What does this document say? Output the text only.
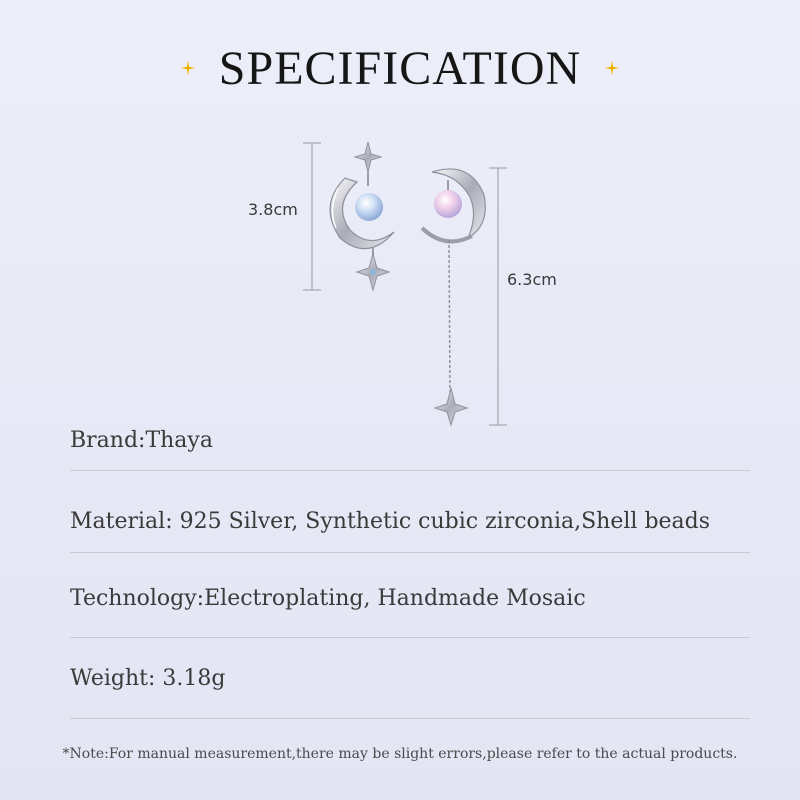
SPECIFICATION
3.8cm
6.3cm
Brand:Thaya
Material: 925 Silver, Synthetic cubic zirconia,Shell beads
Technology:Electroplating, Handmade Mosaic
Weight: 3.18g
*Note:For manual measurement,there may be slight errors,please refer to the actual products.
